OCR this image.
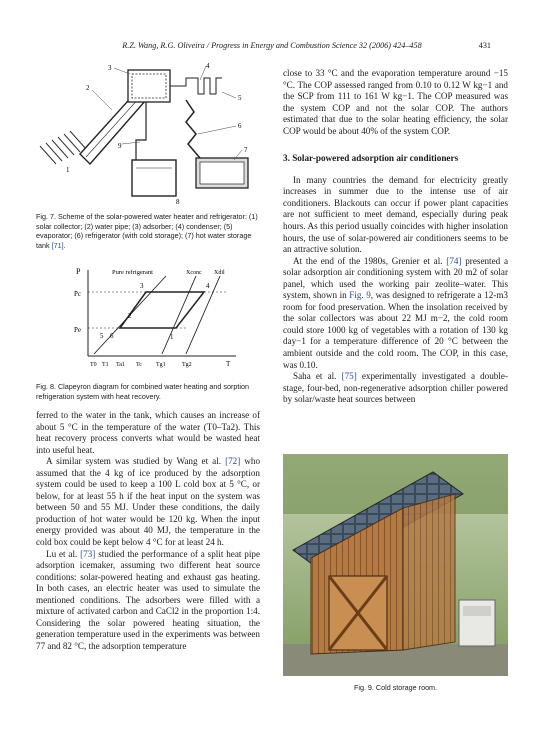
R.Z. Wang, R.G. Oliveira / Progress in Energy and Combustion Science 32 (2006) 424–458	431
3	4
2
5
6
7
1
9
8
Fig. 7. Scheme of the solar-powered water heater and refrigerator: (1) solar collector; (2) water pipe; (3) adsorber; (4) condenser; (5) evaporator; (6) refrigerator (with cold storage); (7) hot water storage tank [71].
P
Pc
Pe
Pure refrigerant	Xconc Xdil
1
2
3	4
5 6
T0 T1 Ta1 Tc Tg1	Tg2	T
Fig. 8. Clapeyron diagram for combined water heating and sorption refrigeration system with heat recovery.

ferred to the water in the tank, which causes an increase of about 5 °C in the temperature of the water (T0–Ta2). This heat recovery process converts what would be wasted heat into useful heat.

A similar system was studied by Wang et al. [72] who assumed that the 4 kg of ice produced by the adsorption system could be used to keep a 100 L cold box at 5 °C, or below, for at least 55 h if the heat input on the system was between 50 and 55 MJ. Under these conditions, the daily production of hot water would be 120 kg. When the input energy provided was about 40 MJ, the temperature in the cold box could be kept below 4 °C for at least 24 h.

Lu et al. [73] studied the performance of a split heat pipe adsorption icemaker, assuming two different heat source conditions: solar-powered heating and exhaust gas heating. In both cases, an electric heater was used to simulate the mentioned conditions. The adsorbers were filled with a mixture of activated carbon and CaCl2 in the proportion 1:4. Considering the solar powered heating situation, the generation temperature used in the experiments was between 77 and 82 °C, the adsorption temperature

close to 33 °C and the evaporation temperature around −15 °C. The COP assessed ranged from 0.10 to 0.12 W kg−1 and the SCP from 111 to 161 W kg−1. The COP measured was the system COP and not the solar COP. The authors estimated that due to the solar heating efficiency, the solar COP would be about 40% of the system COP.

3. Solar-powered adsorption air conditioners

In many countries the demand for electricity greatly increases in summer due to the intense use of air conditioners. Blackouts can occur if power plant capacities are not sufficient to meet demand, especially during peak hours. As this period usually coincides with higher insolation hours, the use of solar-powered air conditioners seems to be an attractive solution.

At the end of the 1980s, Grenier et al. [74] presented a solar adsorption air conditioning system with 20 m2 of solar panel, which used the working pair zeolite–water. This system, shown in Fig. 9, was designed to refrigerate a 12-m3 room for food preservation. When the insolation received by the solar collectors was about 22 MJ m−2, the cold room could store 1000 kg of vegetables with a rotation of 130 kg day−1 for a temperature difference of 20 °C between the ambient outside and the cold room. The COP, in this case, was 0.10.

Saha et al. [75] experimentally investigated a double-stage, four-bed, non-regenerative adsorption chiller powered by solar/waste heat sources between

Fig. 9. Cold storage room.
